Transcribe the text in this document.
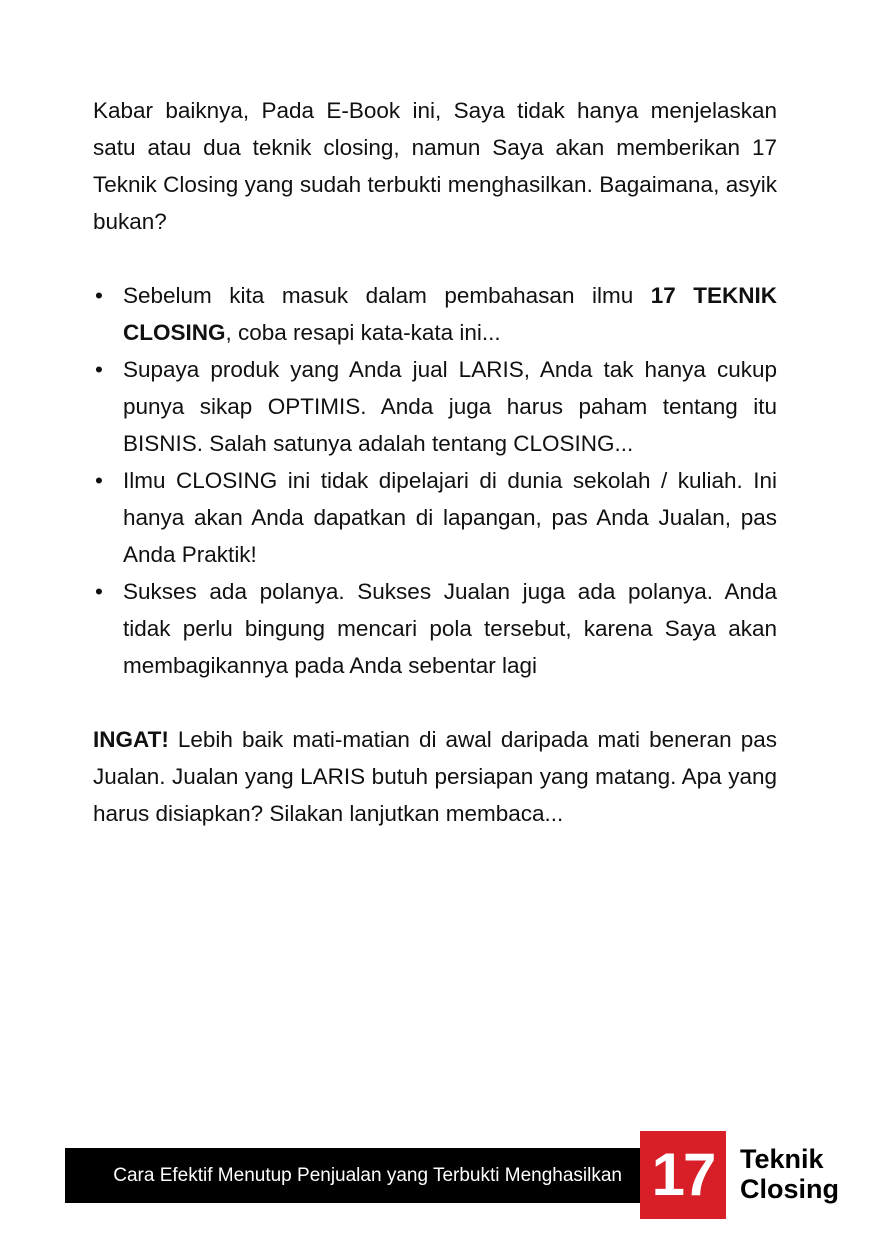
Kabar baiknya, Pada E-Book ini, Saya tidak hanya menjelaskan satu atau dua teknik closing, namun Saya akan memberikan 17 Teknik Closing yang sudah terbukti menghasilkan. Bagaimana, asyik bukan?

• Sebelum kita masuk dalam pembahasan ilmu 17 TEKNIK CLOSING, coba resapi kata-kata ini...
• Supaya produk yang Anda jual LARIS, Anda tak hanya cukup punya sikap OPTIMIS. Anda juga harus paham tentang itu BISNIS. Salah satunya adalah tentang CLOSING...
• Ilmu CLOSING ini tidak dipelajari di dunia sekolah / kuliah. Ini hanya akan Anda dapatkan di lapangan, pas Anda Jualan, pas Anda Praktik!
• Sukses ada polanya. Sukses Jualan juga ada polanya. Anda tidak perlu bingung mencari pola tersebut, karena Saya akan membagikannya pada Anda sebentar lagi

INGAT! Lebih baik mati-matian di awal daripada mati beneran pas Jualan. Jualan yang LARIS butuh persiapan yang matang. Apa yang harus disiapkan? Silakan lanjutkan membaca...

Cara Efektif Menutup Penjualan yang Terbukti Menghasilkan 17 Teknik
Closing
